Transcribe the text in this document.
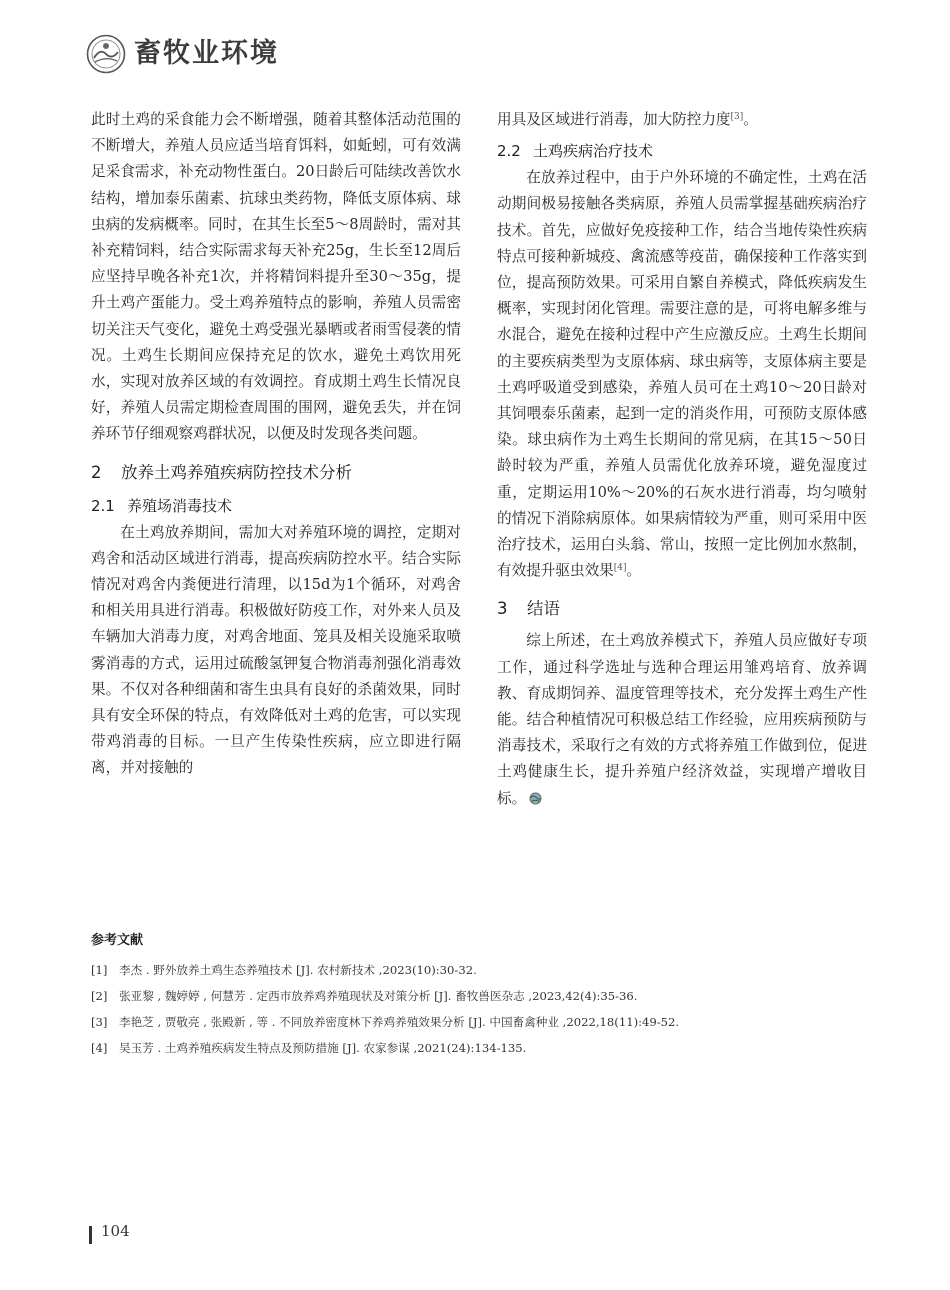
畜牧业环境

此时土鸡的采食能力会不断增强，随着其整体活动范围的不断增大，养殖人员应适当培育饵料，如蚯蚓，可有效满足采食需求，补充动物性蛋白。20日龄后可陆续改善饮水结构，增加泰乐菌素、抗球虫类药物，降低支原体病、球虫病的发病概率。同时，在其生长至5～8周龄时，需对其补充精饲料，结合实际需求每天补充25g，生长至12周后应坚持早晚各补充1次，并将精饲料提升至30～35g，提升土鸡产蛋能力。受土鸡养殖特点的影响，养殖人员需密切关注天气变化，避免土鸡受强光暴晒或者雨雪侵袭的情况。土鸡生长期间应保持充足的饮水，避免土鸡饮用死水，实现对放养区域的有效调控。育成期土鸡生长情况良好，养殖人员需定期检查周围的围网，避免丢失，并在饲养环节仔细观察鸡群状况，以便及时发现各类问题。

2 放养土鸡养殖疾病防控技术分析
2.1 养殖场消毒技术

在土鸡放养期间，需加大对养殖环境的调控，定期对鸡舍和活动区域进行消毒，提高疾病防控水平。结合实际情况对鸡舍内粪便进行清理，以15d为1个循环，对鸡舍和相关用具进行消毒。积极做好防疫工作，对外来人员及车辆加大消毒力度，对鸡舍地面、笼具及相关设施采取喷雾消毒的方式，运用过硫酸氢钾复合物消毒剂强化消毒效果。不仅对各种细菌和寄生虫具有良好的杀菌效果，同时具有安全环保的特点，有效降低对土鸡的危害，可以实现带鸡消毒的目标。一旦产生传染性疾病，应立即进行隔离，并对接触的

用具及区域进行消毒，加大防控力度[3]。

2.2 土鸡疾病治疗技术

在放养过程中，由于户外环境的不确定性，土鸡在活动期间极易接触各类病原，养殖人员需掌握基础疾病治疗技术。首先，应做好免疫接种工作，结合当地传染性疾病特点可接种新城疫、禽流感等疫苗，确保接种工作落实到位，提高预防效果。可采用自繁自养模式，降低疾病发生概率，实现封闭化管理。需要注意的是，可将电解多维与水混合，避免在接种过程中产生应激反应。土鸡生长期间的主要疾病类型为支原体病、球虫病等，支原体病主要是土鸡呼吸道受到感染，养殖人员可在土鸡10～20日龄对其饲喂泰乐菌素，起到一定的消炎作用，可预防支原体感染。球虫病作为土鸡生长期间的常见病，在其15～50日龄时较为严重，养殖人员需优化放养环境，避免湿度过重，定期运用10%～20%的石灰水进行消毒，均匀喷射的情况下消除病原体。如果病情较为严重，则可采用中医治疗技术，运用白头翁、常山，按照一定比例加水熬制，有效提升驱虫效果[4]。

3 结语

综上所述，在土鸡放养模式下，养殖人员应做好专项工作，通过科学选址与选种合理运用雏鸡培育、放养调教、育成期饲养、温度管理等技术，充分发挥土鸡生产性能。结合种植情况可积极总结工作经验，应用疾病预防与消毒技术，采取行之有效的方式将养殖工作做到位，促进土鸡健康生长，提升养殖户经济效益，实现增产增收目标。

参考文献
[1] 李杰 . 野外放养土鸡生态养殖技术 [J]. 农村新技术 ,2023(10):30-32.
[2] 张亚黎 , 魏婷婷 , 何慧芳 . 定西市放养鸡养殖现状及对策分析 [J]. 畜牧兽医杂志 ,2023,42(4):35-36.
[3] 李艳芝 , 贾敬亮 , 张殿新 , 等 . 不同放养密度林下养鸡养殖效果分析 [J]. 中国畜禽种业 ,2022,18(11):49-52.
[4] 吴玉芳 . 土鸡养殖疾病发生特点及预防措施 [J]. 农家参谋 ,2021(24):134-135.
104
